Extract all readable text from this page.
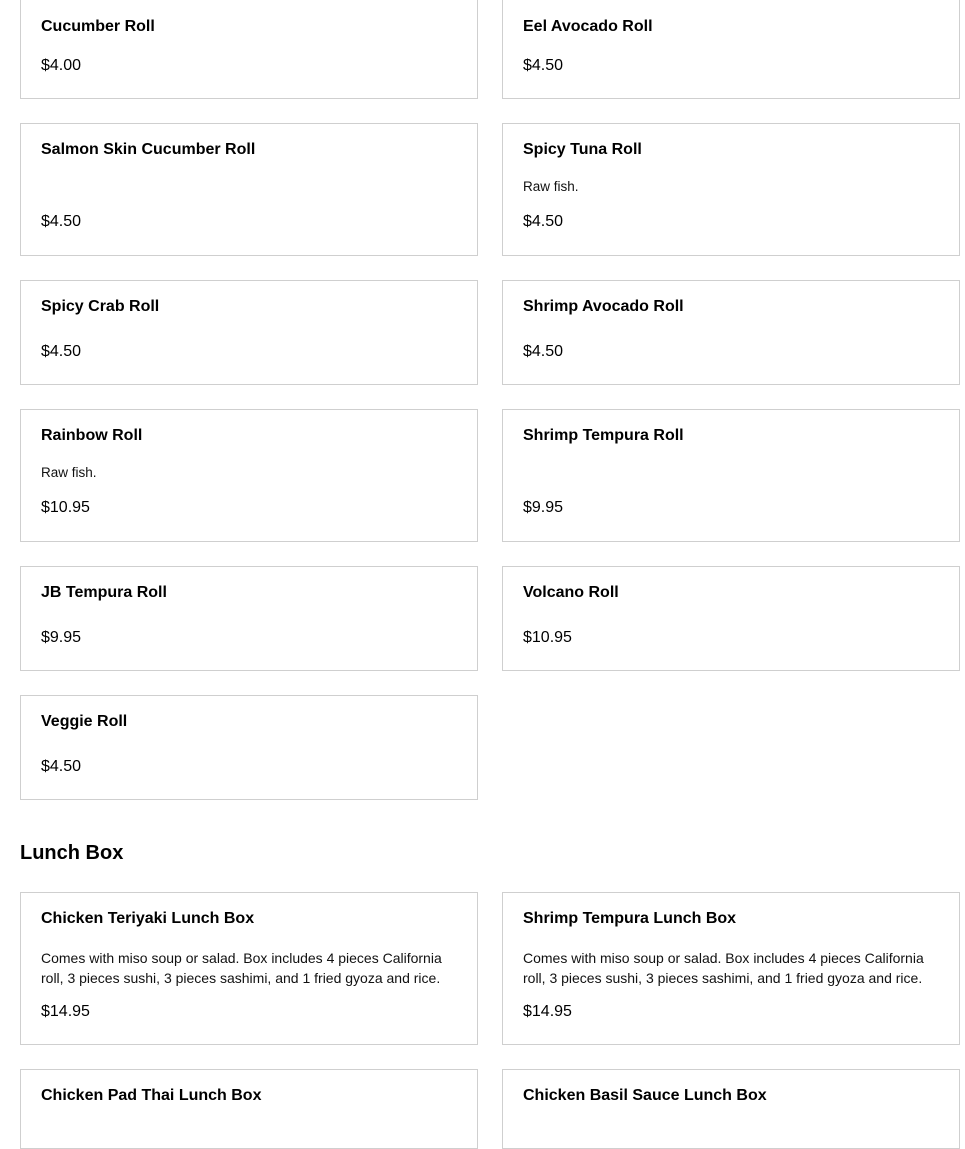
Cucumber Roll
$4.00
Eel Avocado Roll
$4.50
Salmon Skin Cucumber Roll
$4.50
Spicy Tuna Roll
Raw fish.
$4.50
Spicy Crab Roll
$4.50
Shrimp Avocado Roll
$4.50
Rainbow Roll
Raw fish.
$10.95
Shrimp Tempura Roll
$9.95
JB Tempura Roll
$9.95
Volcano Roll
$10.95
Veggie Roll
$4.50
Lunch Box
Chicken Teriyaki Lunch Box
Comes with miso soup or salad. Box includes 4 pieces California roll, 3 pieces sushi, 3 pieces sashimi, and 1 fried gyoza and rice.
$14.95
Shrimp Tempura Lunch Box
Comes with miso soup or salad. Box includes 4 pieces California roll, 3 pieces sushi, 3 pieces sashimi, and 1 fried gyoza and rice.
$14.95
Chicken Pad Thai Lunch Box	Chicken Basil Sauce Lunch Box
